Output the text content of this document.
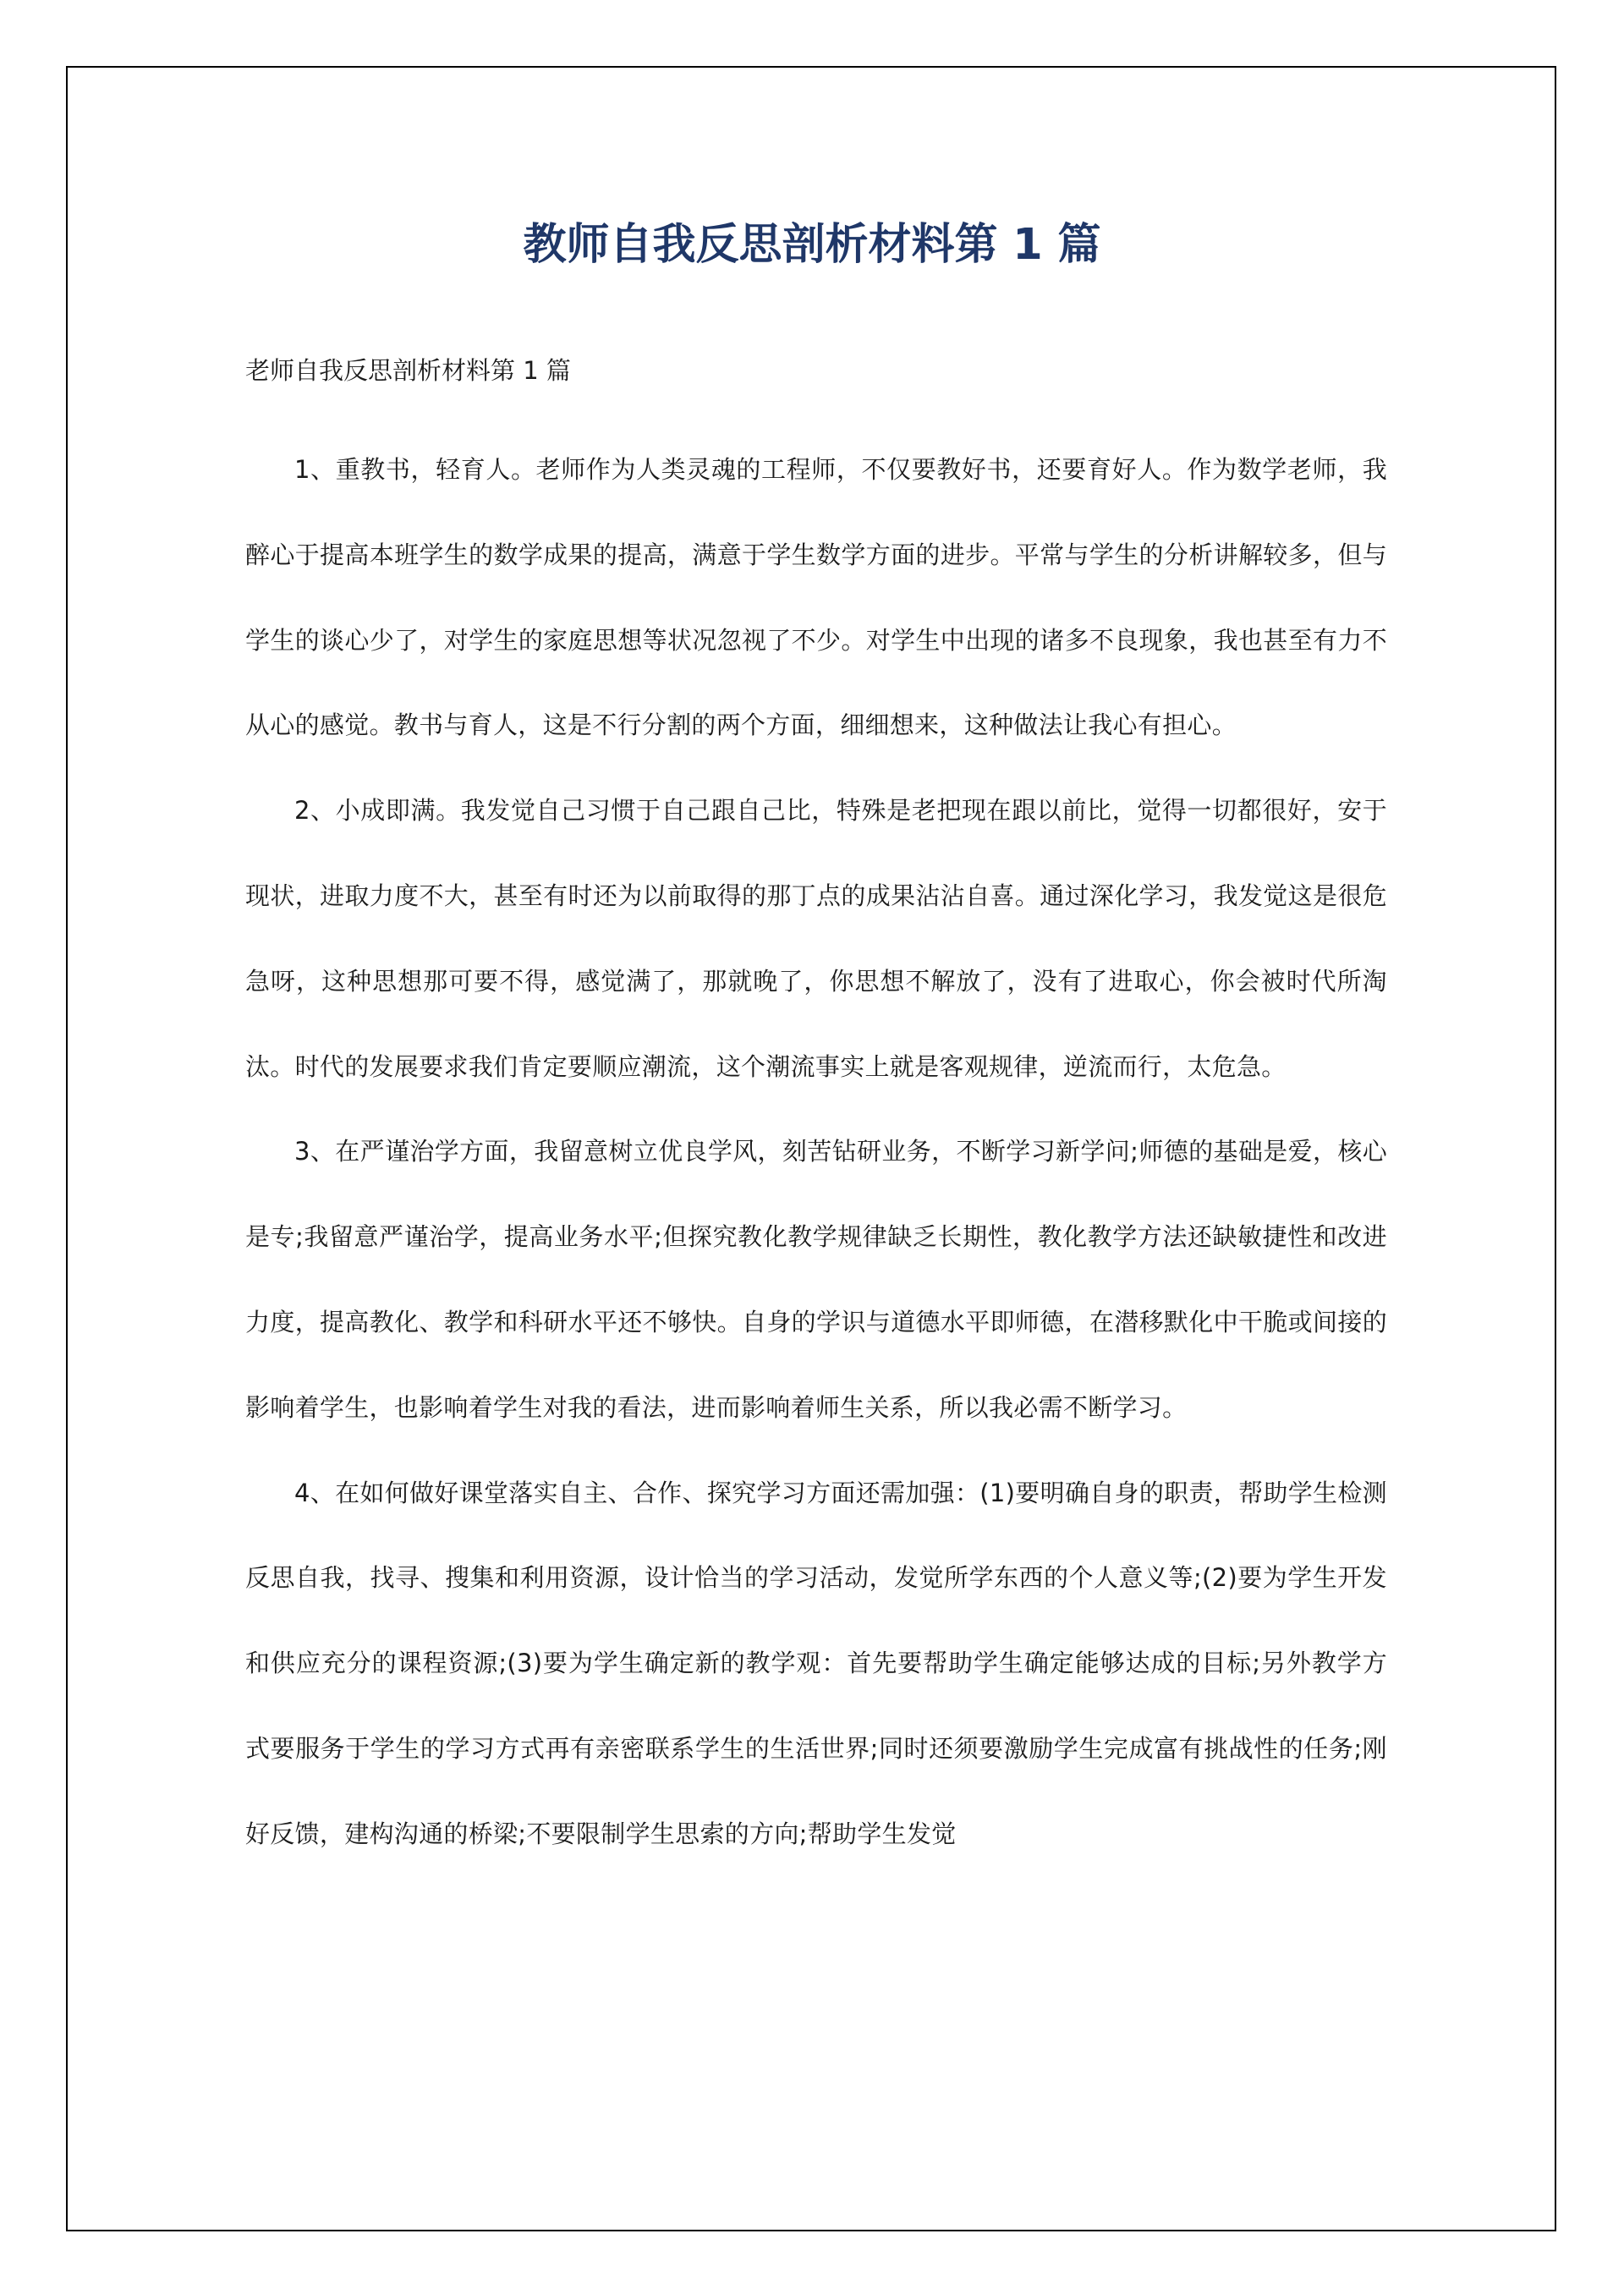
教师自我反思剖析材料第 1 篇

老师自我反思剖析材料第 1 篇

1、重教书，轻育人。老师作为人类灵魂的工程师，不仅要教好书，还要育好人。作为数学老师，我醉心于提高本班学生的数学成果的提高，满意于学生数学方面的进步。平常与学生的分析讲解较多，但与学生的谈心少了，对学生的家庭思想等状况忽视了不少。对学生中出现的诸多不良现象，我也甚至有力不从心的感觉。教书与育人，这是不行分割的两个方面，细细想来，这种做法让我心有担心。

2、小成即满。我发觉自己习惯于自己跟自己比，特殊是老把现在跟以前比，觉得一切都很好，安于现状，进取力度不大，甚至有时还为以前取得的那丁点的成果沾沾自喜。通过深化学习，我发觉这是很危急呀，这种思想那可要不得，感觉满了，那就晚了，你思想不解放了，没有了进取心，你会被时代所淘汰。时代的发展要求我们肯定要顺应潮流，这个潮流事实上就是客观规律，逆流而行，太危急。

3、在严谨治学方面，我留意树立优良学风，刻苦钻研业务，不断学习新学问;师德的基础是爱，核心是专;我留意严谨治学，提高业务水平;但探究教化教学规律缺乏长期性，教化教学方法还缺敏捷性和改进力度，提高教化、教学和科研水平还不够快。自身的学识与道德水平即师德，在潜移默化中干脆或间接的影响着学生，也影响着学生对我的看法，进而影响着师生关系，所以我必需不断学习。

4、在如何做好课堂落实自主、合作、探究学习方面还需加强：(1)要明确自身的职责，帮助学生检测反思自我，找寻、搜集和利用资源，设计恰当的学习活动，发觉所学东西的个人意义等;(2)要为学生开发和供应充分的课程资源;(3)要为学生确定新的教学观：首先要帮助学生确定能够达成的目标;另外教学方式要服务于学生的学习方式再有亲密联系学生的生活世界;同时还须要激励学生完成富有挑战性的任务;刚好反馈，建构沟通的桥梁;不要限制学生思索的方向;帮助学生发觉
